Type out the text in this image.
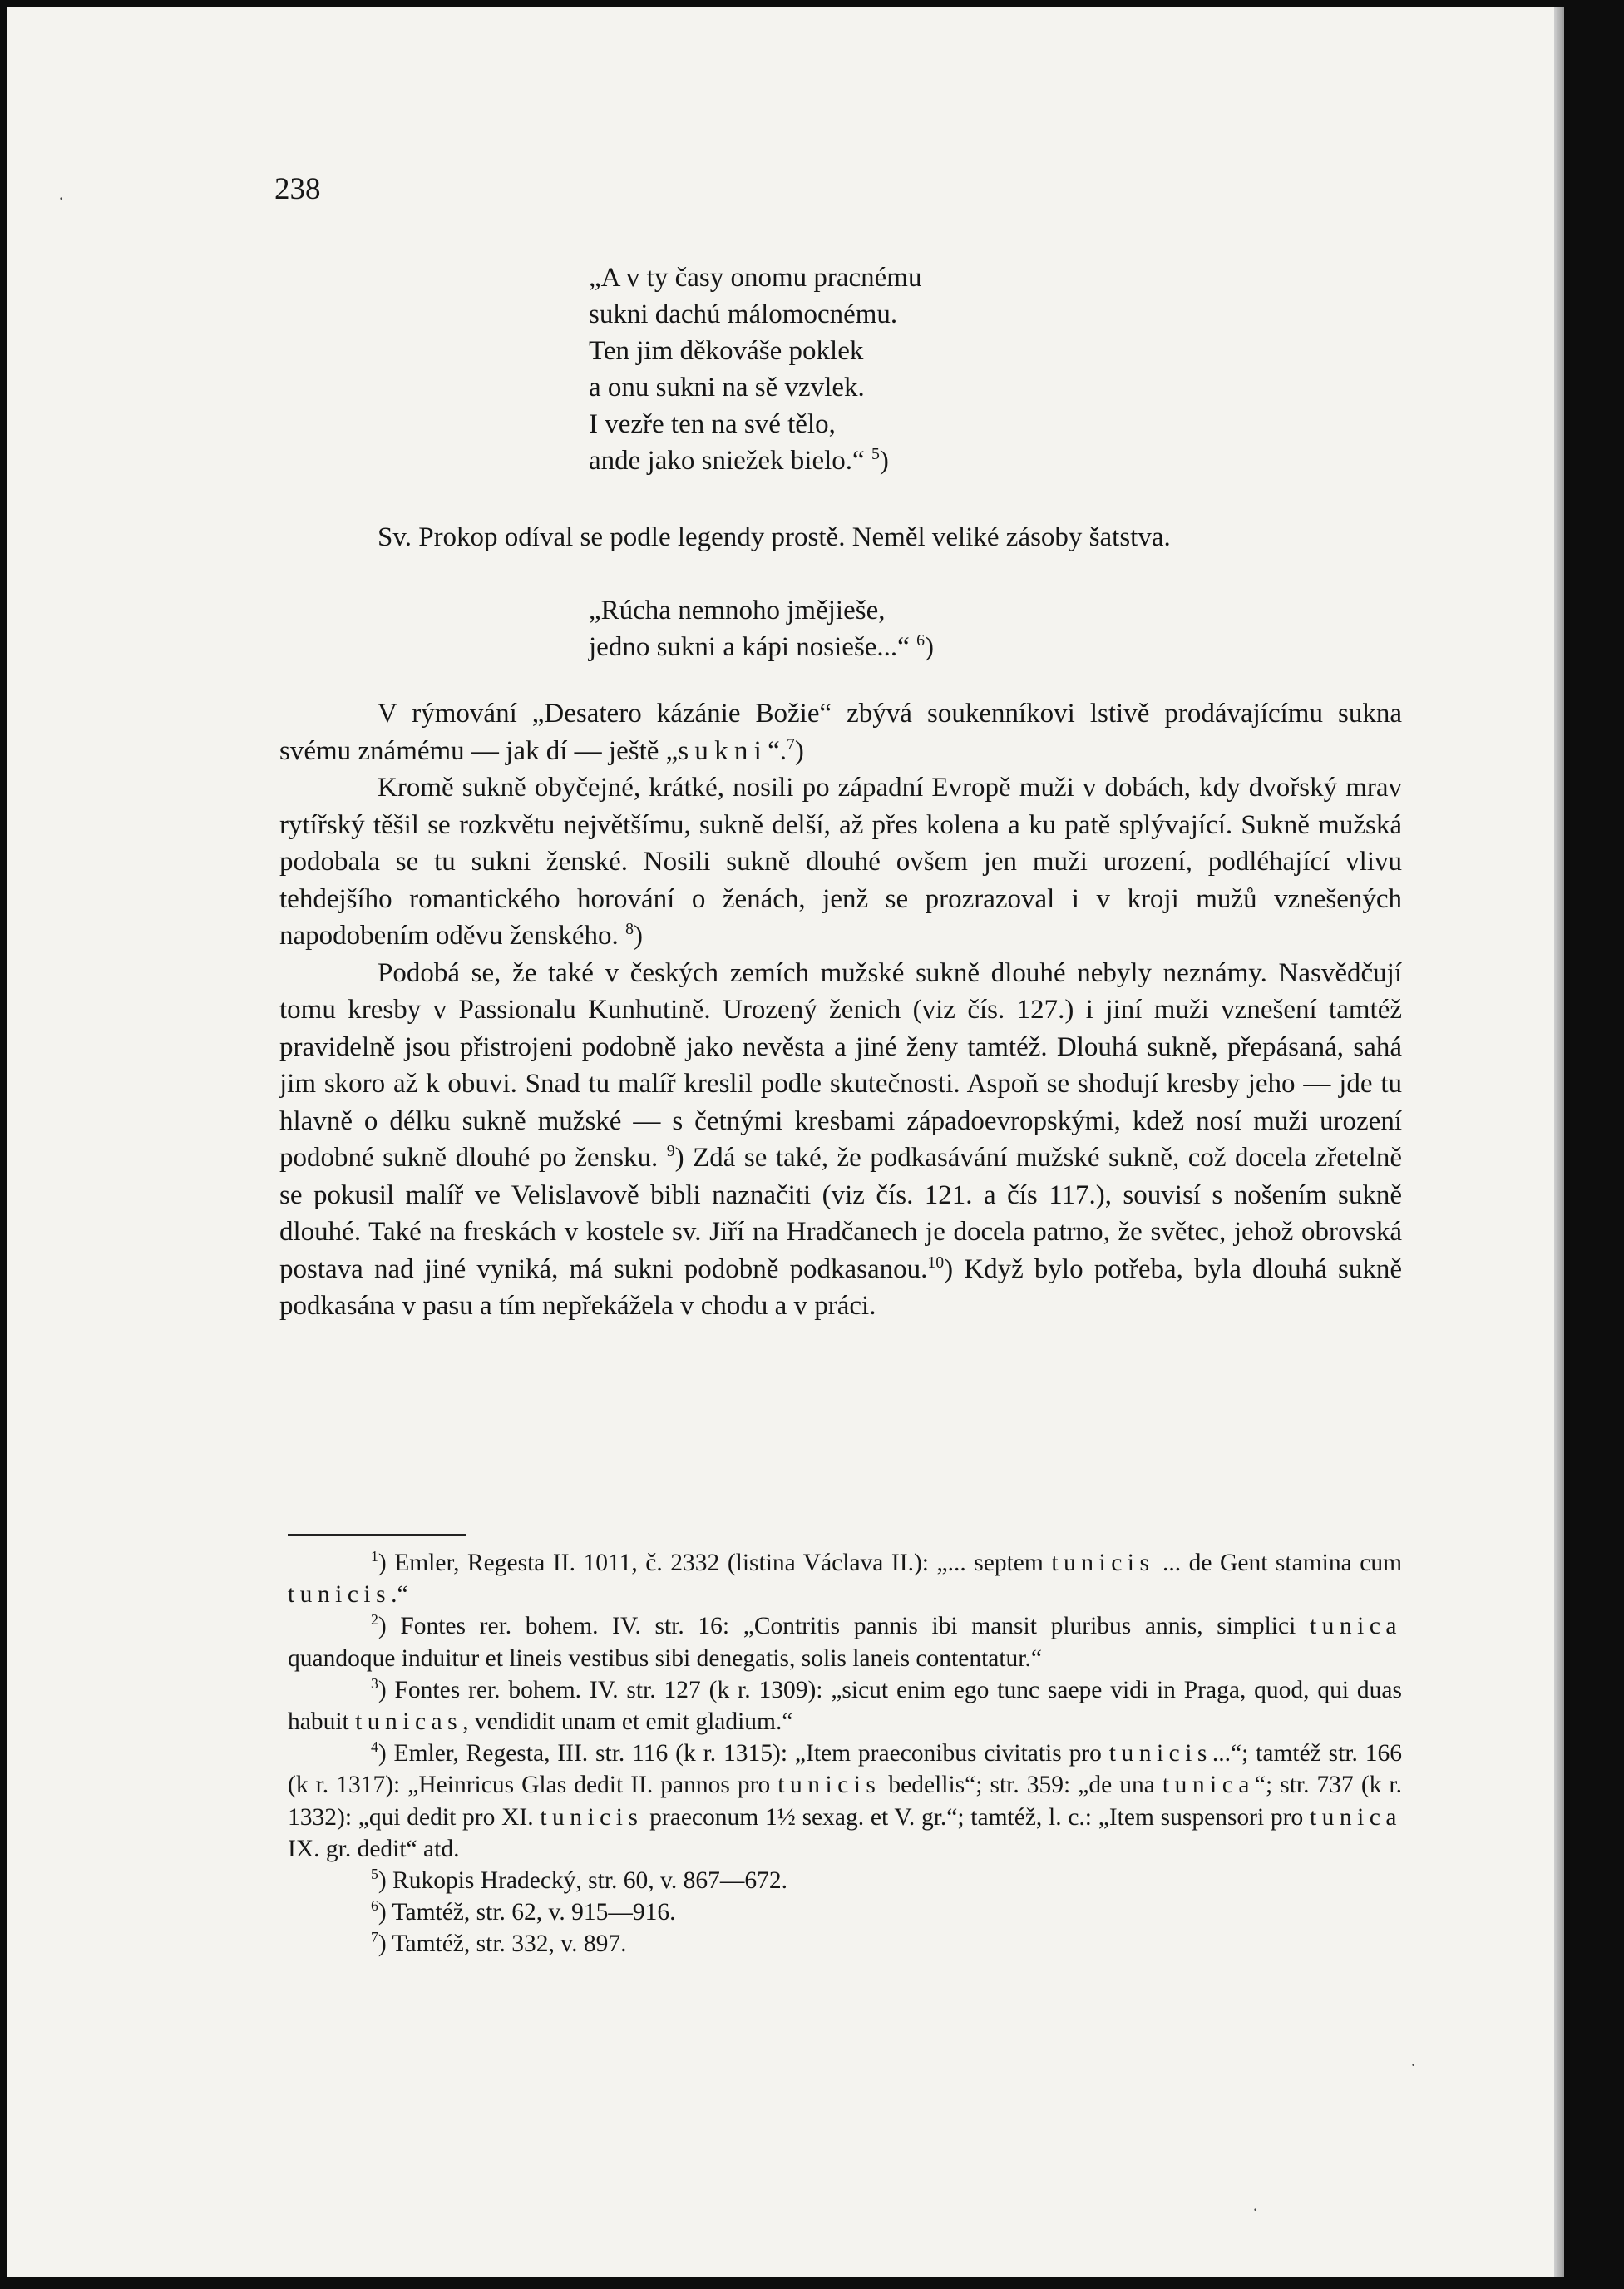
·
·
·
238
„A v ty časy onomu pracnému
sukni dachú málomocnému.
Ten jim děkováše poklek
a onu sukni na sě vzvlek.
I vezře ten na své tělo,
ande jako sniežek bielo.“ $^5$)

Sv. Prokop odíval se podle legendy prostě. Neměl veliké zásoby šatstva.

„Rúcha nemnoho jmějieše,
jedno sukni a kápi nosieše...“ $^6$)

V rýmování „Desatero kázánie Božie“ zbývá soukenníkovi lstivě prodávajícímu sukna svému známému — jak dí — ještě „sukni“.$^7$)

Kromě sukně obyčejné, krátké, nosili po západní Evropě muži v dobách, kdy dvořský mrav rytířský těšil se rozkvětu největšímu, sukně delší, až přes kolena a ku patě splývající. Sukně mužská podobala se tu sukni ženské. Nosili sukně dlouhé ovšem jen muži urození, podléhající vlivu tehdejšího romantického horování o ženách, jenž se prozrazoval i v kroji mužů vznešených napodobením oděvu ženského. $^8$)

Podobá se, že také v českých zemích mužské sukně dlouhé nebyly neznámy. Nasvědčují tomu kresby v Passionalu Kunhutině. Urozený ženich (viz čís. 127.) i jiní muži vznešení tamtéž pravidelně jsou přistrojeni podobně jako nevěsta a jiné ženy tamtéž. Dlouhá sukně, přepásaná, sahá jim skoro až k obuvi. Snad tu malíř kreslil podle skutečnosti. Aspoň se shodují kresby jeho — jde tu hlavně o délku sukně mužské — s četnými kresbami západoevropskými, kdež nosí muži urození podobné sukně dlouhé po žensku. $^9$) Zdá se také, že podkasávání mužské sukně, což docela zřetelně se pokusil malíř ve Velislavově bibli naznačiti (viz čís. 121. a čís 117.), souvisí s nošením sukně dlouhé. Také na freskách v kostele sv. Jiří na Hradčanech je docela patrno, že světec, jehož obrovská postava nad jiné vyniká, má sukni podobně podkasanou.$^{10}$) Když bylo potřeba, byla dlouhá sukně podkasána v pasu a tím nepřekážela v chodu a v práci.

$^1$) Emler, Regesta II. 1011, č. 2332 (listina Václava II.): „... septem tunicis ... de Gent stamina cum tunicis.“

$^2$) Fontes rer. bohem. IV. str. 16: „Contritis pannis ibi mansit pluribus annis, simplici tunica quandoque induitur et lineis vestibus sibi denegatis, solis laneis contentatur.“

$^3$) Fontes rer. bohem. IV. str. 127 (k r. 1309): „sicut enim ego tunc saepe vidi in Praga, quod, qui duas habuit tunicas, vendidit unam et emit gladium.“

$^4$) Emler, Regesta, III. str. 116 (k r. 1315): „Item praeconibus civitatis pro tunicis...“; tamtéž str. 166 (k r. 1317): „Heinricus Glas dedit II. pannos pro tunicis bedellis“; str. 359: „de una tunica“; str. 737 (k r. 1332): „qui dedit pro XI. tunicis praeconum 1½ sexag. et V. gr.“; tamtéž, l. c.: „Item suspensori pro tunica IX. gr. dedit“ atd.

$^5$) Rukopis Hradecký, str. 60, v. 867—672.

$^6$) Tamtéž, str. 62, v. 915—916.

$^7$) Tamtéž, str. 332, v. 897.
